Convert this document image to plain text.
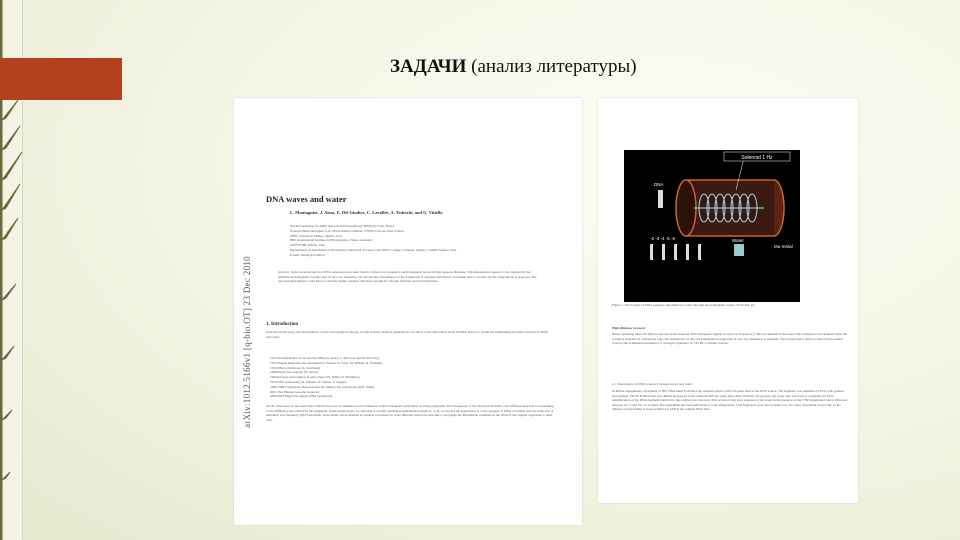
ЗАДАЧИ (анализ литературы)
arXiv:1012.5166v1 [q-bio.OT] 23 Dec 2010
DNA waves and water
L. Montagnier, J. Aïssa, E. Del Giudice, C. Lavallee, A. Tedeschi, and G. Vitiello
World Foundation for AIDS research and Prevention (UNESCO), Paris, France
Nanectis Biotechnologies, S.A. 98 rue Albert Calmette, F78350 Jouy-en-Josas, France
INFN, Sezione di Milano, Milano, Italy
BIH, International Institute for Biophotonics, Neuss, Germany
WHITE HB, Milano, Italy
Dipartimento di Matematica e Informatica, Università di Salerno and INFN, Gruppo Collegato Salerno, I-84084 Salerno, Italy
E-mail: vitiello@sa.infn.it
Abstract. Some bacterial and viral DNA sequences have been found to induce low frequency electromagnetic waves in high aqueous dilutions. This phenomenon appears to be triggered by the ambient electromagnetic background of very low frequency. We discuss this phenomenon in the framework of quantum field theory. A scheme able to account for the observations is proposed. The reported phenomenon could allow to develop highly sensitive detection systems for chronic bacterial and viral infections.
1. Introduction
Over the last 60 years, the development of basic knowledge in biology as well as many medical applications owe much to the discoveries made in DNA. Here is a partial list emphasizing the main advances in DNA discovery:
1944 Transformation of bacteria by DNA (O. Avery, C. McLeod, and M. McCarty)
1953 Double helix structure elucidated (J. Watson, F. Crick, M. Wilkins, R. Franklin)
1956 DNA polymerase (A. Kornberg)
1968 Restriction enzyme (W. Arber)
1969 Reverse transcription of retroviruses (H. Temin, D. Baltimore)
1976 DNA sequencing (A. Maxam, W. Gilbert, F. Sanger)
1986-1988 Polymerase chain reaction (K. Mullis) Taq polymerase (R.K. Saiki)
2001 First Human Genome Sequence
2006-2010 High-Throughput DNA Sequencing
On the other hand, in the same time evidence has been accumulated on the influence of electromagnetic (em) fields on living organisms. The frequencies of the involved em fields cover different intervals corresponding to the different scales present in the organisms. In the present paper, by referring to recently published experimental results [1, 2, 3], we discuss the appearance of a new property of DNA correlated with the induction of extremely low frequency (ELF) em fields. These fields can be induced by suitable procedures in water dilutions which become able to propagate the information contained in the DNA of the original organisms to other ones.
Solenoid 1 Hz
DNA
-2 -3 -4 -5 -6	Water
Mu-metal
Figure 1. The transfer of DNA sequence information to water through electromagnetic waves. From Ref. [1]
High dilutions protocol:
DNA-containing tubes (10 ml) are exposed in the solenoid. Electromagnetic signals at very low frequency (7 Hz) are detected in the tubes. The excitation is not induced when the system is shielded by a mu-metal cage. The stimulation for the electromagnetic background of very low frequency is essential. The background is either produced from natural sources (the Schumann resonances) or through a generator at 7.83 Hz or similar sources.
2.1 Transmission of DNA sequence through waves and water
In further experiments, a fragment of HIV DNA taken from the long terminal repeat (LTR) has been used as the DNA source. The fragment was amplified by PCR with primers and purified. The PCR DNA tube was diluted and placed in the solenoid with the water tube. After 18 hours of exposure, the water tube was used as a template for PCR. Amplification of the DNA fragment identical to the original was observed. This occurred only after exposure of the water in the presence of the 7 Hz background signal. Dilutions between 10^-7 and 10^-13 worked. The experiment has been performed at room temperature. LTR fragments were also transferred to the water originating in the LTR, so the dilution corresponding to those positive for LTR in the original DNA tube.
